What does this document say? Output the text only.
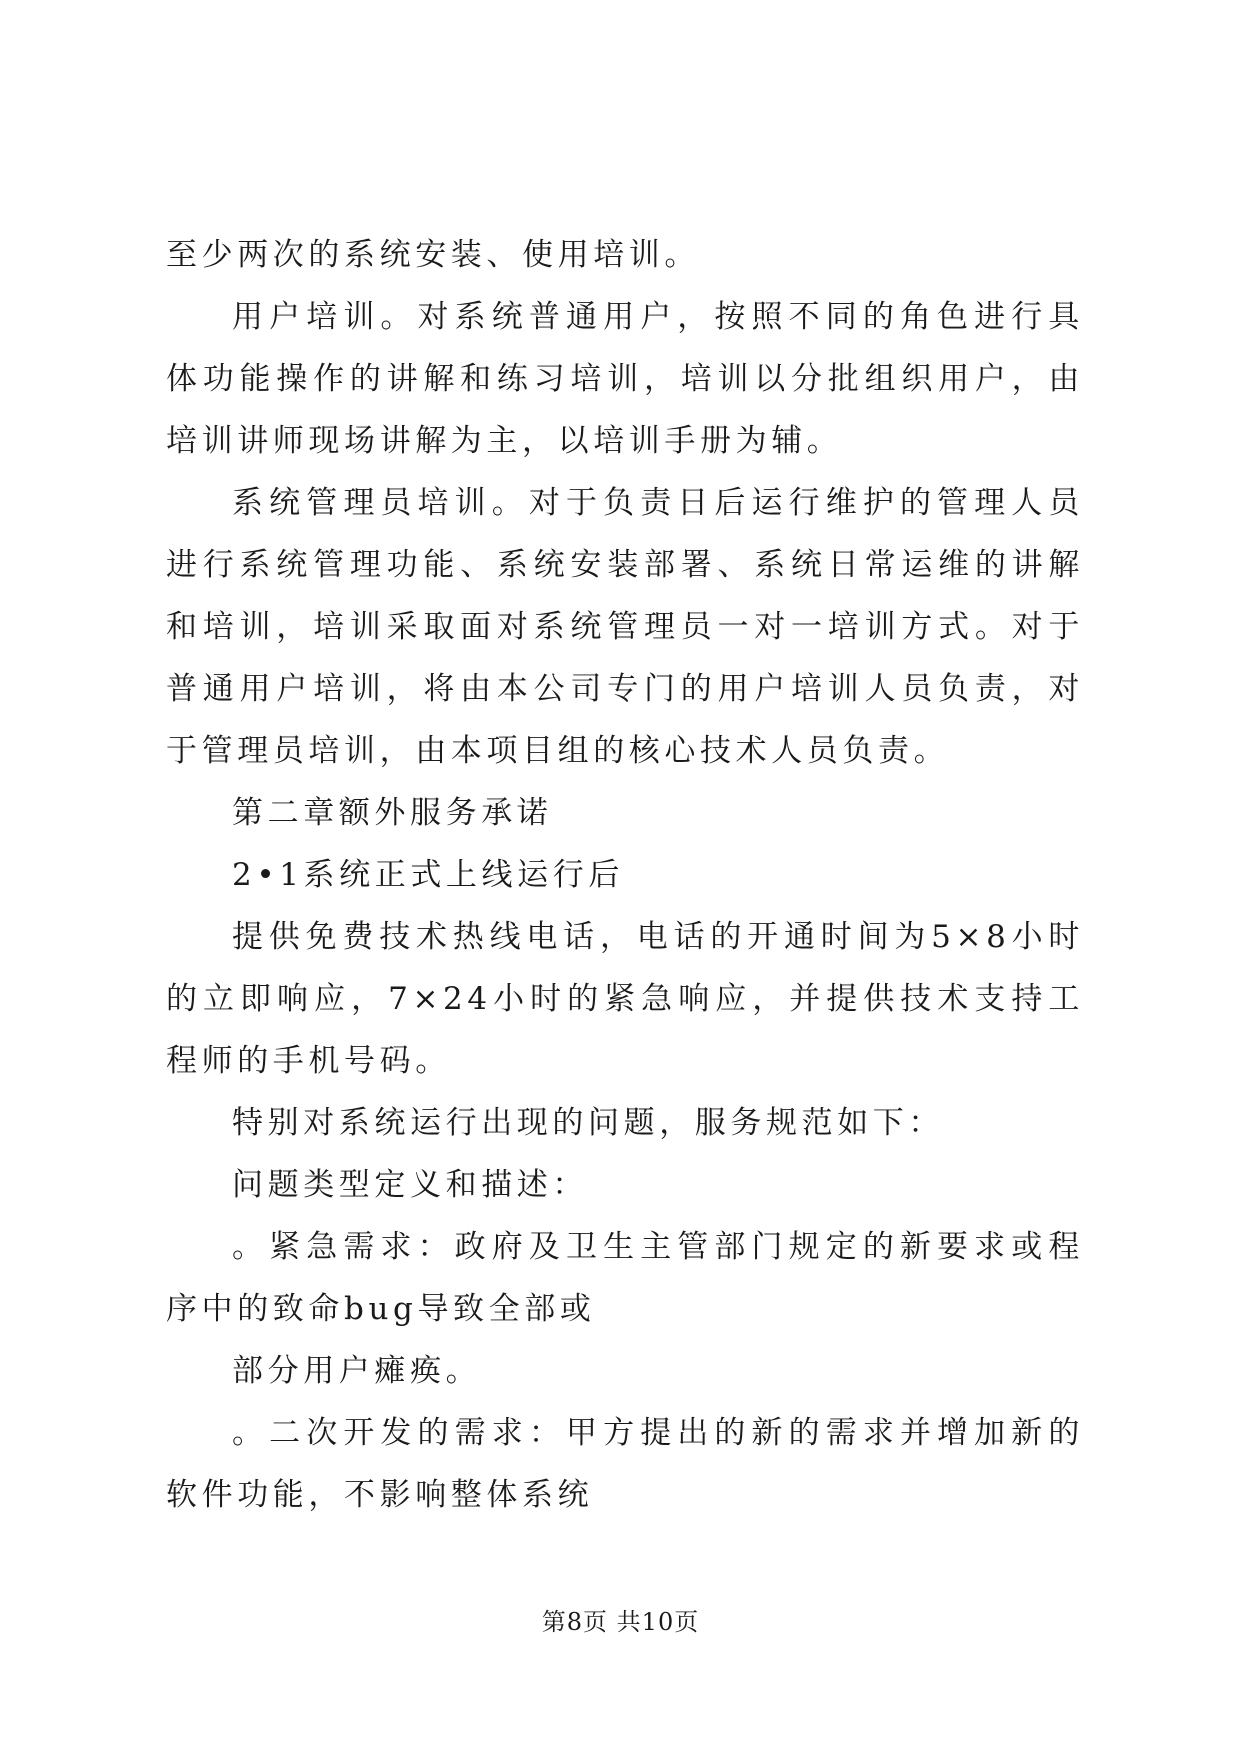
至少两次的系统安装、使用培训。

用户培训。对系统普通用户，按照不同的角色进行具体功能操作的讲解和练习培训，培训以分批组织用户，由培训讲师现场讲解为主，以培训手册为辅。

系统管理员培训。对于负责日后运行维护的管理人员进行系统管理功能、系统安装部署、系统日常运维的讲解和培训，培训采取面对系统管理员一对一培训方式。对于普通用户培训，将由本公司专门的用户培训人员负责，对于管理员培训，由本项目组的核心技术人员负责。

第二章额外服务承诺

2•1系统正式上线运行后

提供免费技术热线电话，电话的开通时间为5×8小时的立即响应，7×24小时的紧急响应，并提供技术支持工程师的手机号码。

特别对系统运行出现的问题，服务规范如下：

问题类型定义和描述：

。紧急需求：政府及卫生主管部门规定的新要求或程序中的致命bug导致全部或

部分用户瘫痪。

。二次开发的需求：甲方提出的新的需求并增加新的软件功能，不影响整体系统

第8页 共10页
